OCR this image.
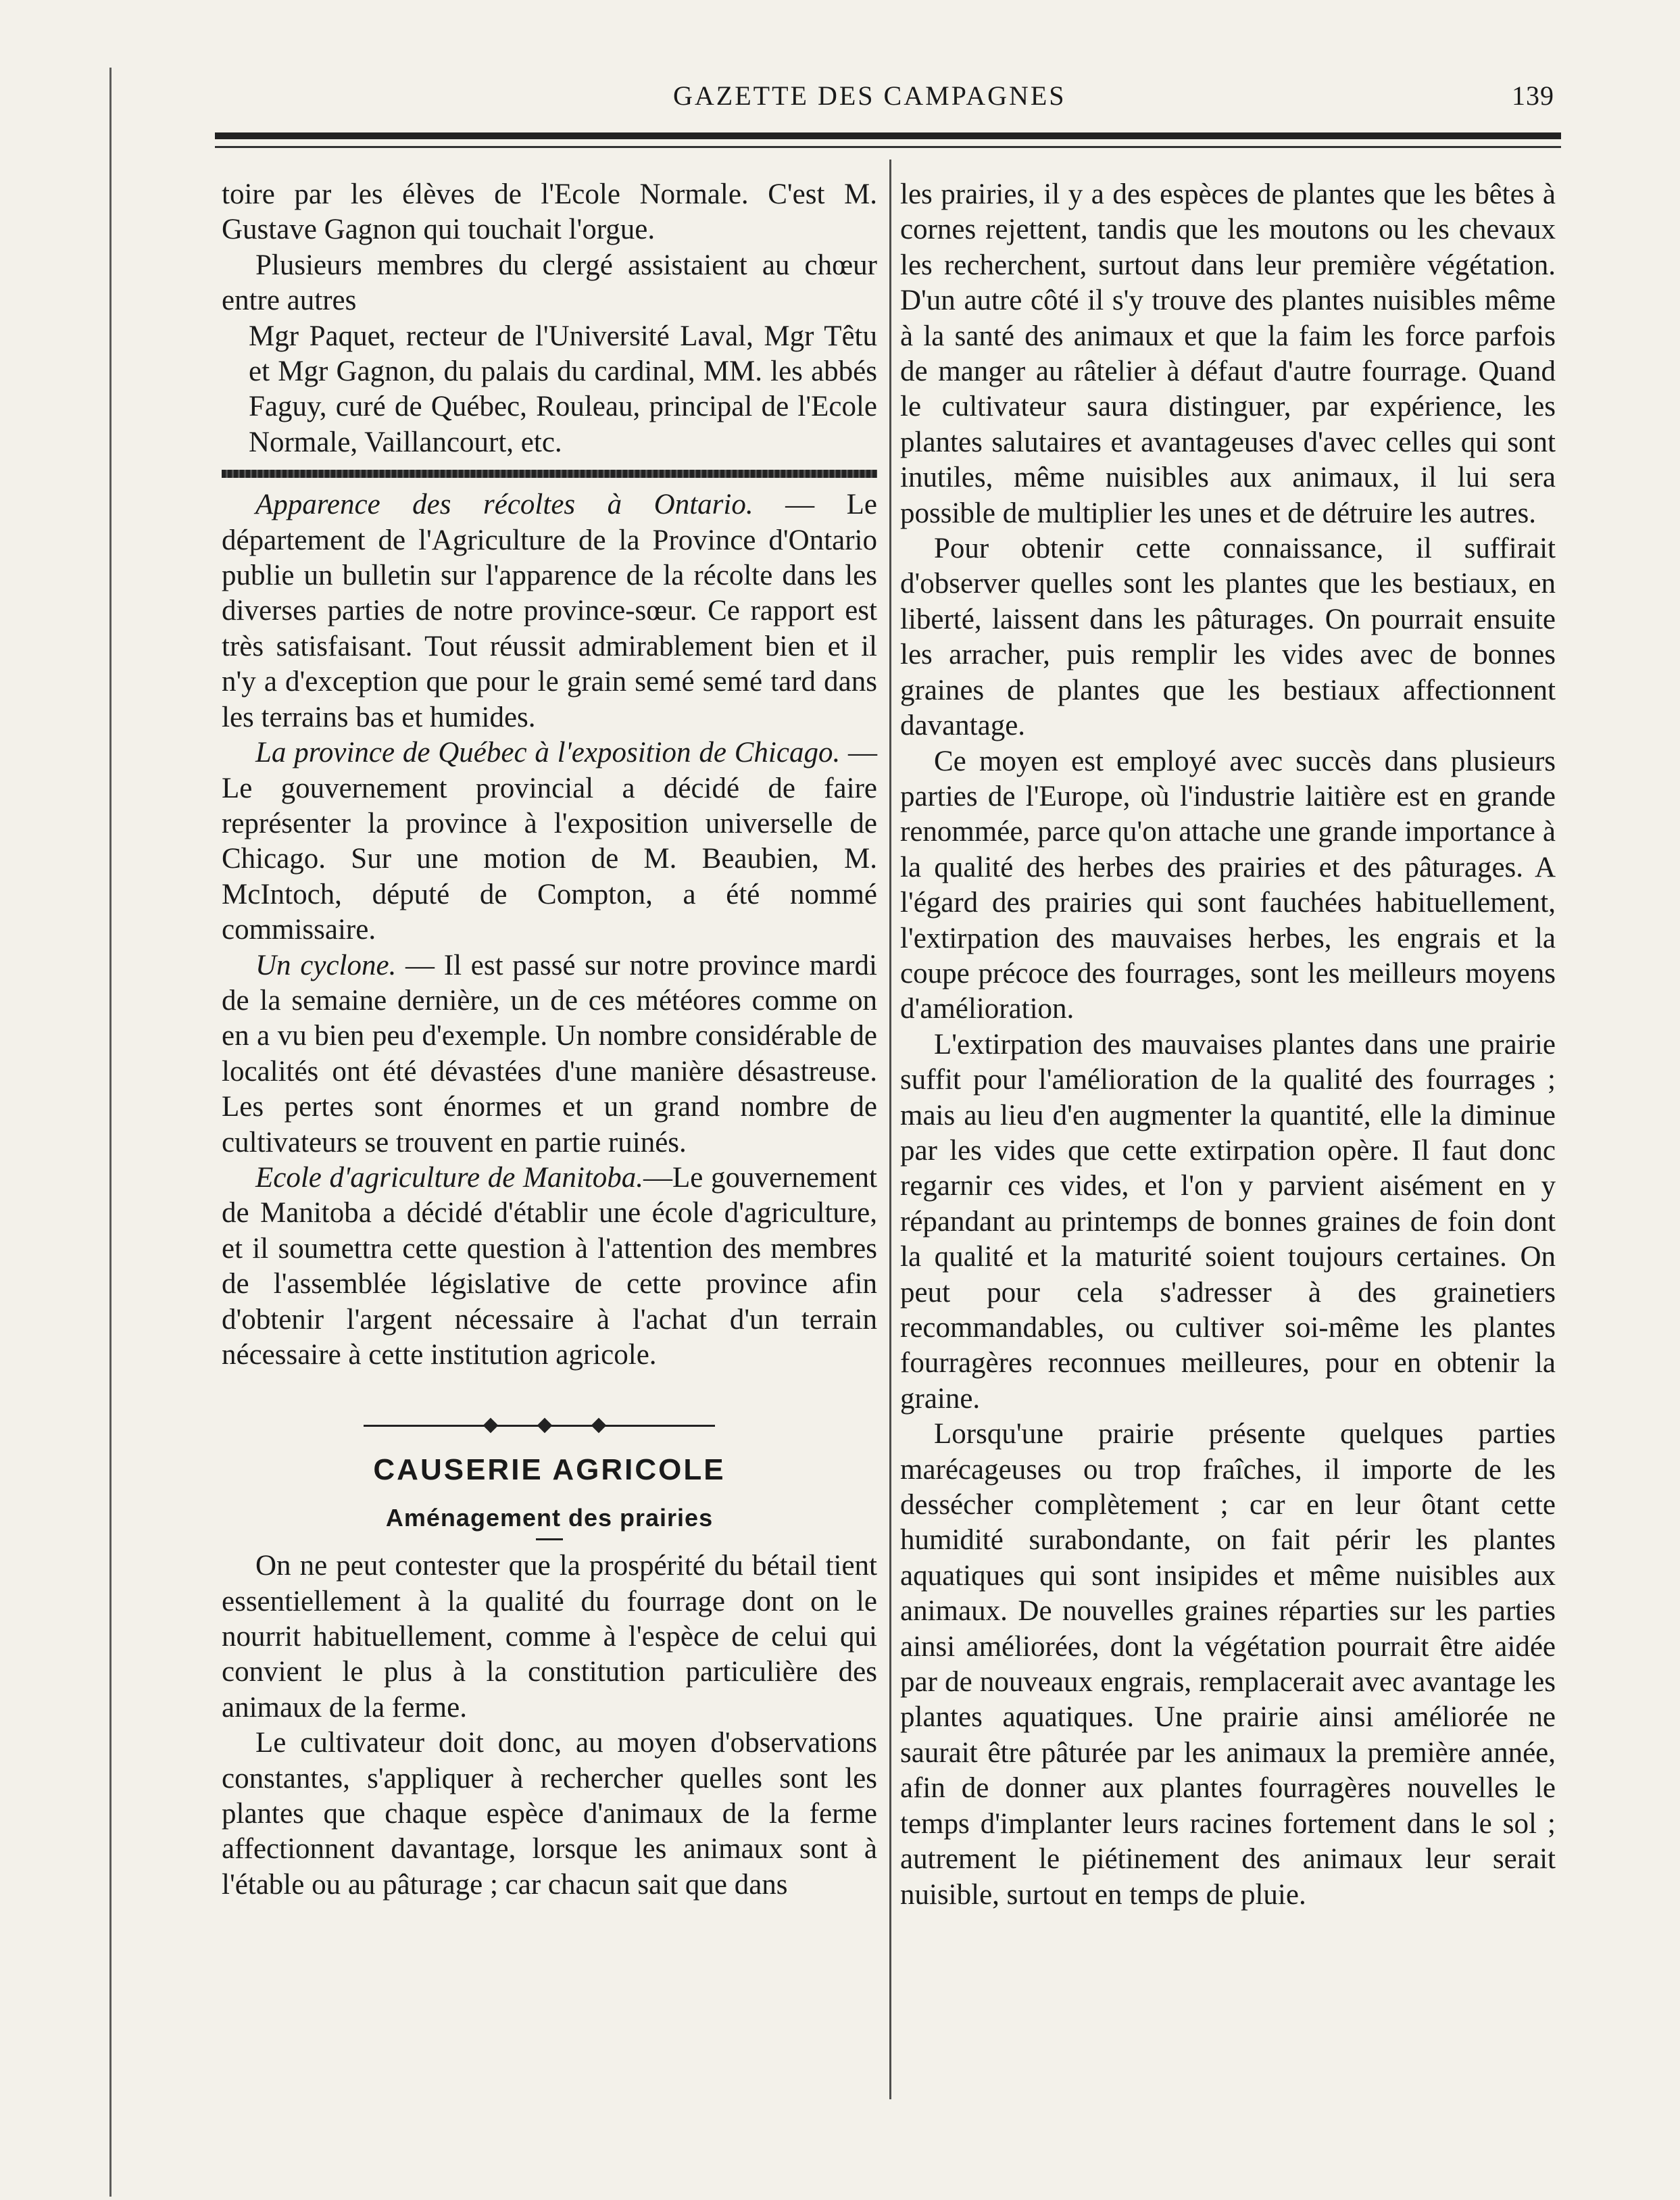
GAZETTE DES CAMPAGNES	139

toire par les élèves de l'Ecole Normale. C'est M. Gustave Gagnon qui touchait l'orgue.

Plusieurs membres du clergé assistaient au chœur entre autres

Mgr Paquet, recteur de l'Université Laval, Mgr Têtu et Mgr Gagnon, du palais du cardinal, MM. les abbés Faguy, curé de Québec, Rouleau, principal de l'Ecole Normale, Vaillancourt, etc.

Apparence des récoltes à Ontario. — Le département de l'Agriculture de la Province d'Ontario publie un bulletin sur l'apparence de la récolte dans les diverses parties de notre province-sœur. Ce rapport est très satisfaisant. Tout réussit admirablement bien et il n'y a d'exception que pour le grain semé semé tard dans les terrains bas et humides.

La province de Québec à l'exposition de Chicago. —Le gouvernement provincial a décidé de faire représenter la province à l'exposition universelle de Chicago. Sur une motion de M. Beaubien, M. McIntoch, député de Compton, a été nommé commissaire.

Un cyclone. — Il est passé sur notre province mardi de la semaine dernière, un de ces météores comme on en a vu bien peu d'exemple. Un nombre considérable de localités ont été dévastées d'une manière désastreuse. Les pertes sont énormes et un grand nombre de cultivateurs se trouvent en partie ruinés.

Ecole d'agriculture de Manitoba.—Le gouvernement de Manitoba a décidé d'établir une école d'agriculture, et il soumettra cette question à l'attention des membres de l'assemblée législative de cette province afin d'obtenir l'argent nécessaire à l'achat d'un terrain nécessaire à cette institution agricole.

CAUSERIE AGRICOLE
Aménagement des prairies

On ne peut contester que la prospérité du bétail tient essentiellement à la qualité du fourrage dont on le nourrit habituellement, comme à l'espèce de celui qui convient le plus à la constitution particulière des animaux de la ferme.

Le cultivateur doit donc, au moyen d'observations constantes, s'appliquer à rechercher quelles sont les plantes que chaque espèce d'animaux de la ferme affectionnent davantage, lorsque les animaux sont à l'étable ou au pâturage ; car chacun sait que dans

les prairies, il y a des espèces de plantes que les bêtes à cornes rejettent, tandis que les moutons ou les chevaux les recherchent, surtout dans leur première végétation. D'un autre côté il s'y trouve des plantes nuisibles même à la santé des animaux et que la faim les force parfois de manger au râtelier à défaut d'autre fourrage. Quand le cultivateur saura distinguer, par expérience, les plantes salutaires et avantageuses d'avec celles qui sont inutiles, même nuisibles aux animaux, il lui sera possible de multiplier les unes et de détruire les autres.

Pour obtenir cette connaissance, il suffirait d'observer quelles sont les plantes que les bestiaux, en liberté, laissent dans les pâturages. On pourrait ensuite les arracher, puis remplir les vides avec de bonnes graines de plantes que les bestiaux affectionnent davantage.

Ce moyen est employé avec succès dans plusieurs parties de l'Europe, où l'industrie laitière est en grande renommée, parce qu'on attache une grande importance à la qualité des herbes des prairies et des pâturages. A l'égard des prairies qui sont fauchées habituellement, l'extirpation des mauvaises herbes, les engrais et la coupe précoce des fourrages, sont les meilleurs moyens d'amélioration.

L'extirpation des mauvaises plantes dans une prairie suffit pour l'amélioration de la qualité des fourrages ; mais au lieu d'en augmenter la quantité, elle la diminue par les vides que cette extirpation opère. Il faut donc regarnir ces vides, et l'on y parvient aisément en y répandant au printemps de bonnes graines de foin dont la qualité et la maturité soient toujours certaines. On peut pour cela s'adresser à des grainetiers recommandables, ou cultiver soi-même les plantes fourragères reconnues meilleures, pour en obtenir la graine.

Lorsqu'une prairie présente quelques parties marécageuses ou trop fraîches, il importe de les dessécher complètement ; car en leur ôtant cette humidité surabondante, on fait périr les plantes aquatiques qui sont insipides et même nuisibles aux animaux. De nouvelles graines réparties sur les parties ainsi améliorées, dont la végétation pourrait être aidée par de nouveaux engrais, remplacerait avec avantage les plantes aquatiques. Une prairie ainsi améliorée ne saurait être pâturée par les animaux la première année, afin de donner aux plantes fourragères nouvelles le temps d'implanter leurs racines fortement dans le sol ; autrement le piétinement des animaux leur serait nuisible, surtout en temps de pluie.
